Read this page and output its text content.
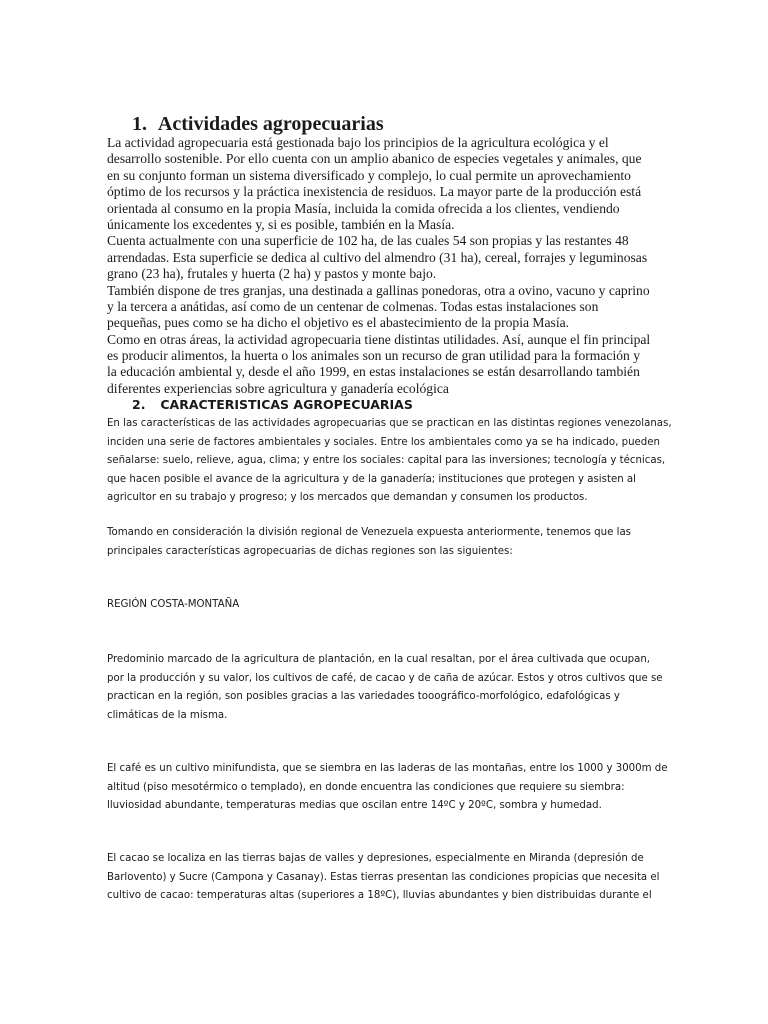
1. Actividades agropecuarias
La actividad agropecuaria está gestionada bajo los principios de la agricultura ecológica y el
desarrollo sostenible. Por ello cuenta con un amplio abanico de especies vegetales y animales, que
en su conjunto forman un sistema diversificado y complejo, lo cual permite un aprovechamiento
óptimo de los recursos y la práctica inexistencia de residuos. La mayor parte de la producción está
orientada al consumo en la propia Masía, incluida la comida ofrecida a los clientes, vendiendo
únicamente los excedentes y, si es posible, también en la Masía.
Cuenta actualmente con una superficie de 102 ha, de las cuales 54 son propias y las restantes 48
arrendadas. Esta superficie se dedica al cultivo del almendro (31 ha), cereal, forrajes y leguminosas
grano (23 ha), frutales y huerta (2 ha) y pastos y monte bajo.
También dispone de tres granjas, una destinada a gallinas ponedoras, otra a ovino, vacuno y caprino
y la tercera a anátidas, así como de un centenar de colmenas. Todas estas instalaciones son
pequeñas, pues como se ha dicho el objetivo es el abastecimiento de la propia Masía.
Como en otras áreas, la actividad agropecuaria tiene distintas utilidades. Así, aunque el fin principal
es producir alimentos, la huerta o los animales son un recurso de gran utilidad para la formación y
la educación ambiental y, desde el año 1999, en estas instalaciones se están desarrollando también
diferentes experiencias sobre agricultura y ganadería ecológica
2. CARACTERISTICAS AGROPECUARIAS
En las características de las actividades agropecuarias que se practican en las distintas regiones venezolanas,
inciden una serie de factores ambientales y sociales. Entre los ambientales como ya se ha indicado, pueden
señalarse: suelo, relieve, agua, clima; y entre los sociales: capital para las inversiones; tecnología y técnicas,
que hacen posible el avance de la agricultura y de la ganadería; instituciones que protegen y asisten al
agricultor en su trabajo y progreso; y los mercados que demandan y consumen los productos.
Tomando en consideración la división regional de Venezuela expuesta anteriormente, tenemos que las
principales características agropecuarias de dichas regiones son las siguientes:
REGIÓN COSTA-MONTAÑA
Predominio marcado de la agricultura de plantación, en la cual resaltan, por el área cultivada que ocupan,
por la producción y su valor, los cultivos de café, de cacao y de caña de azúcar. Estos y otros cultivos que se
practican en la región, son posibles gracias a las variedades tooográfico-morfológico, edafológicas y
climáticas de la misma.
El café es un cultivo minifundista, que se siembra en las laderas de las montañas, entre los 1000 y 3000m de
altitud (piso mesotérmico o templado), en donde encuentra las condiciones que requiere su siembra:
lluviosidad abundante, temperaturas medias que oscilan entre 14ºC y 20ºC, sombra y humedad.
El cacao se localiza en las tierras bajas de valles y depresiones, especialmente en Miranda (depresión de
Barlovento) y Sucre (Campona y Casanay). Estas tierras presentan las condiciones propicias que necesita el
cultivo de cacao: temperaturas altas (superiores a 18ºC), lluvias abundantes y bien distribuidas durante el
